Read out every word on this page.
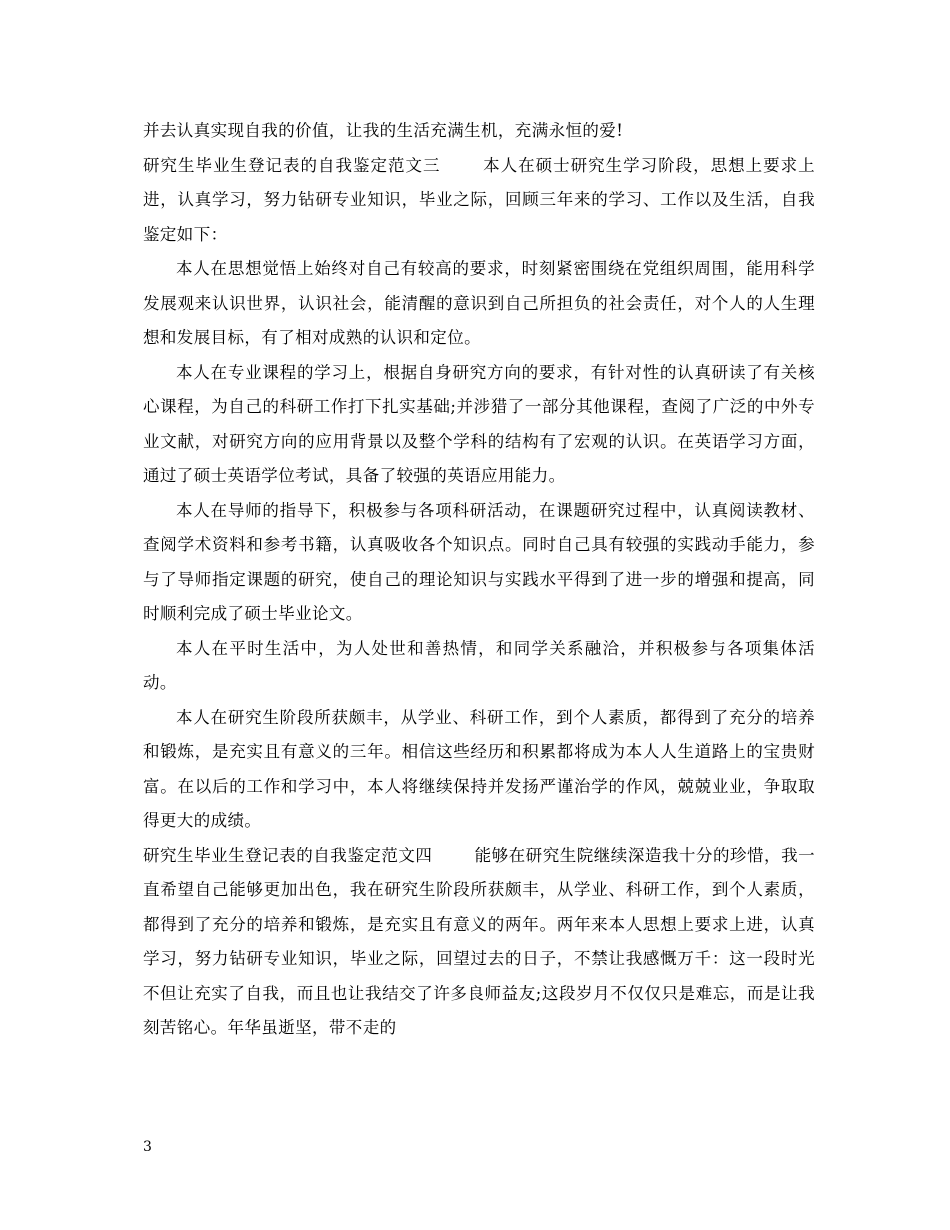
并去认真实现自我的价值，让我的生活充满生机，充满永恒的爱!

研究生毕业生登记表的自我鉴定范文三	本人在硕士研究生学习阶段，思想上要求上进，认真学习，努力钻研专业知识，毕业之际，回顾三年来的学习、工作以及生活，自我鉴定如下：

本人在思想觉悟上始终对自己有较高的要求，时刻紧密围绕在党组织周围，能用科学发展观来认识世界，认识社会，能清醒的意识到自己所担负的社会责任，对个人的人生理想和发展目标，有了相对成熟的认识和定位。

本人在专业课程的学习上，根据自身研究方向的要求，有针对性的认真研读了有关核心课程，为自己的科研工作打下扎实基础;并涉猎了一部分其他课程，查阅了广泛的中外专业文献，对研究方向的应用背景以及整个学科的结构有了宏观的认识。在英语学习方面，通过了硕士英语学位考试，具备了较强的英语应用能力。

本人在导师的指导下，积极参与各项科研活动，在课题研究过程中，认真阅读教材、查阅学术资料和参考书籍，认真吸收各个知识点。同时自己具有较强的实践动手能力，参与了导师指定课题的研究，使自己的理论知识与实践水平得到了进一步的增强和提高，同时顺利完成了硕士毕业论文。

本人在平时生活中，为人处世和善热情，和同学关系融洽，并积极参与各项集体活动。

本人在研究生阶段所获颇丰，从学业、科研工作，到个人素质，都得到了充分的培养和锻炼，是充实且有意义的三年。相信这些经历和积累都将成为本人人生道路上的宝贵财富。在以后的工作和学习中，本人将继续保持并发扬严谨治学的作风，兢兢业业，争取取得更大的成绩。

研究生毕业生登记表的自我鉴定范文四	能够在研究生院继续深造我十分的珍惜，我一直希望自己能够更加出色，我在研究生阶段所获颇丰，从学业、科研工作，到个人素质，都得到了充分的培养和锻炼，是充实且有意义的两年。两年来本人思想上要求上进，认真学习，努力钻研专业知识，毕业之际，回望过去的日子，不禁让我感慨万千：这一段时光不但让充实了自我，而且也让我结交了许多良师益友;这段岁月不仅仅只是难忘，而是让我刻苦铭心。年华虽逝坚，带不走的

3
